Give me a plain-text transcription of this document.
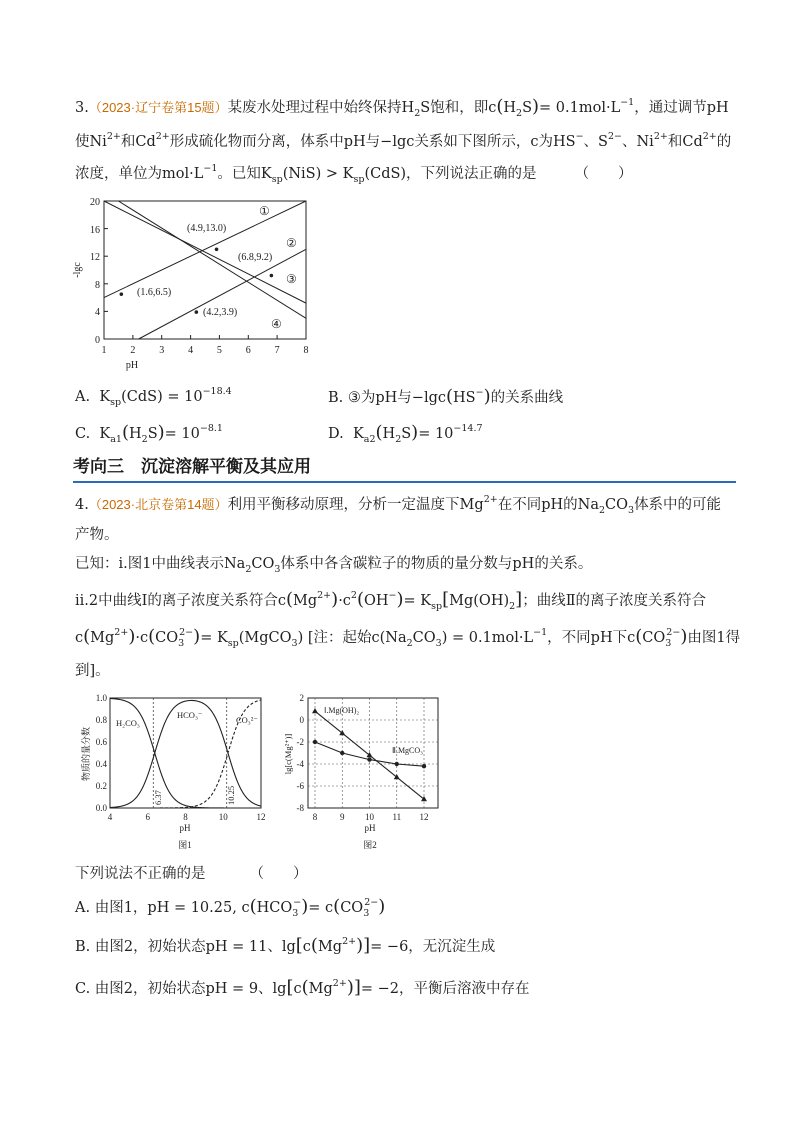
3.（2023·辽宁卷第15题）某废水处理过程中始终保持$H_2S$饱和，即$c(H_2S)= 0.1mol\cdot L^{-1}$，通过调节pH
使$Ni^{2+}$和$Cd^{2+}$形成硫化物而分离，体系中pH与−lgc关系如下图所示，c为HS−、$S^{2-}$、$Ni^{2+}$和$Cd^{2+}$的
浓度，单位为$mol\cdot L^{-1}$。已知$K_{sp}(NiS) > K_{sp}(CdS)$，下列说法正确的是	（　　）
0
4
8
12
16
20
1 2 3 4 5 6 7 8
pH
-lgc
(4.9,13.0)
(6.8,9.2)
(1.6,6.5)
(4.2,3.9)
①
②
③
④
A. $K_{sp}(CdS) = 10^{-18.4}$	B. ③为pH与−lgc(HS−)的关系曲线
C. $K_{a1}(H_2S)= 10^{-8.1}$	D. $K_{a2}(H_2S)= 10^{-14.7}$
考向三　沉淀溶解平衡及其应用
4.（2023·北京卷第14题）利用平衡移动原理，分析一定温度下$Mg^{2+}$在不同pH的$Na_2CO_3$体系中的可能
产物。
已知：i.图1中曲线表示$Na_2CO_3$体系中各含碳粒子的物质的量分数与pH的关系。
ii.2中曲线Ⅰ的离子浓度关系符合$c(Mg^{2+})\cdot c^2(OH^-)= K_{sp}[Mg(OH)_2]$；曲线Ⅱ的离子浓度关系符合
$c(Mg^{2+})\cdot c(CO_3^{2-})=$ $K_{sp}(MgCO_3)$ [注：起始$c(Na_2CO_3) = 0.1mol\cdot L^{-1}$，不同pH下$c(CO_3^{2-})$由图1得
到]。
0.0
0.2
0.4
0.6
0.8
1.0
4	6	8	10	12
pH
图1
物质的量分数
H₂CO₃
HCO₃⁻	CO₃²⁻
6.37	10.25
2
0
-2
-4
-6
-8
8	9 10 11 12
pH
图2
lg[c(Mg²⁺)]
Ⅰ.Mg(OH)₂
Ⅱ.MgCO₃
下列说法不正确的是	（　　）
A. 由图1，pH = 10.25, $c(HCO_3^-)= c(CO_3^{2-})$
B. 由图2，初始状态pH = 11、$\lg[c(Mg^{2+})]= -6$，无沉淀生成
C. 由图2，初始状态pH = 9、$\lg[c(Mg^{2+})]= -2$，平衡后溶液中存在
